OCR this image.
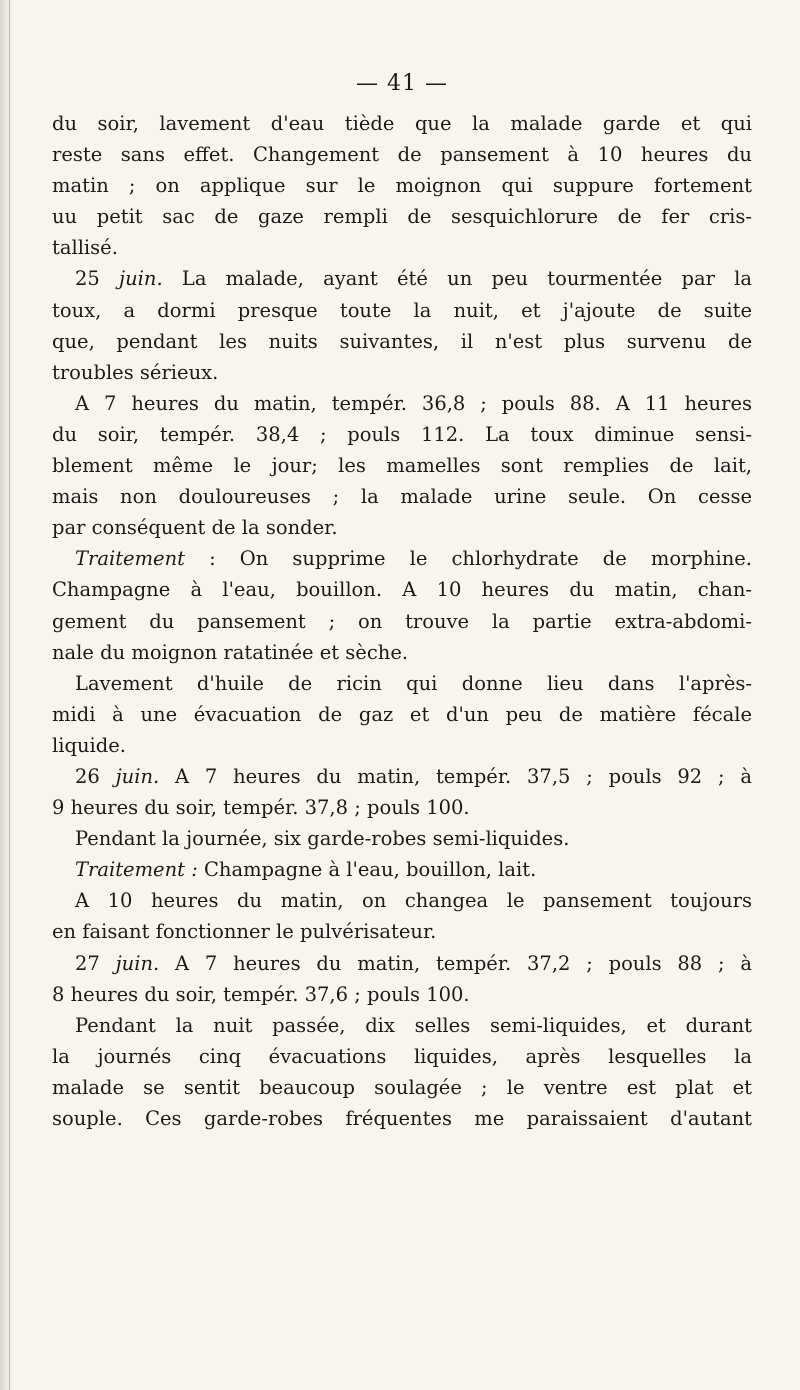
— 41 —
du soir, lavement d'eau tiède que la malade garde et qui
reste sans effet. Changement de pansement à 10 heures du
matin ; on applique sur le moignon qui suppure fortement
uu petit sac de gaze rempli de sesquichlorure de fer cris-
tallisé.
25 juin. La malade, ayant été un peu tourmentée par la
toux, a dormi presque toute la nuit, et j'ajoute de suite
que, pendant les nuits suivantes, il n'est plus survenu de
troubles sérieux.
A 7 heures du matin, tempér. 36,8 ; pouls 88. A 11 heures
du soir, tempér. 38,4 ; pouls 112. La toux diminue sensi-
blement même le jour; les mamelles sont remplies de lait,
mais non douloureuses ; la malade urine seule. On cesse
par conséquent de la sonder.
Traitement : On supprime le chlorhydrate de morphine.
Champagne à l'eau, bouillon. A 10 heures du matin, chan-
gement du pansement ; on trouve la partie extra-abdomi-
nale du moignon ratatinée et sèche.
Lavement d'huile de ricin qui donne lieu dans l'après-
midi à une évacuation de gaz et d'un peu de matière fécale
liquide.
26 juin. A 7 heures du matin, tempér. 37,5 ; pouls 92 ; à
9 heures du soir, tempér. 37,8 ; pouls 100.
Pendant la journée, six garde-robes semi-liquides.
Traitement : Champagne à l'eau, bouillon, lait.
A 10 heures du matin, on changea le pansement toujours
en faisant fonctionner le pulvérisateur.
27 juin. A 7 heures du matin, tempér. 37,2 ; pouls 88 ; à
8 heures du soir, tempér. 37,6 ; pouls 100.
Pendant la nuit passée, dix selles semi-liquides, et durant
la journés cinq évacuations liquides, après lesquelles la
malade se sentit beaucoup soulagée ; le ventre est plat et
souple. Ces garde-robes fréquentes me paraissaient d'autant
